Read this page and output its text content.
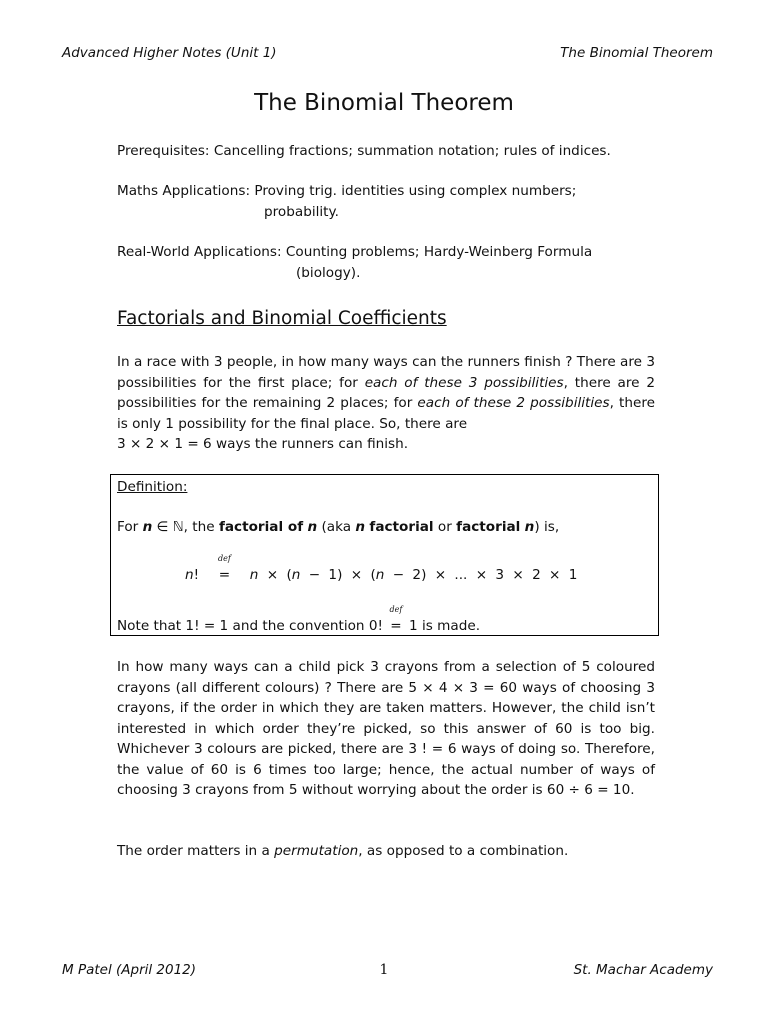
Advanced Higher Notes (Unit 1)	The Binomial Theorem
The Binomial Theorem
Prerequisites: Cancelling fractions; summation notation; rules of indices.
Maths Applications: Proving trig. identities using complex numbers;
probability.
Real-World Applications: Counting problems; Hardy-Weinberg Formula
(biology).
Factorials and Binomial Coefficients

In a race with 3 people, in how many ways can the runners finish ? There are 3 possibilities for the first place; for each of these 3 possibilities, there are 2 possibilities for the remaining 2 places; for each of these 2 possibilities, there is only 1 possibility for the final place. So, there are

3 × 2 × 1 = 6 ways the runners can finish.

Definition:
For n ∈ ℕ, the factorial of n (aka n factorial or factorial n) is,
n!
def
= n × (n − 1) × (n − 2) × ... × 3 × 2 × 1
Note that 1! = 1 and the convention 0!
def
= 1 is made.
In how many ways can a child pick 3 crayons from a selection of 5 coloured crayons (all different colours) ? There are 5 × 4 × 3 = 60 ways of choosing 3 crayons, if the order in which they are taken matters. However, the child isn’t interested in which order they’re picked, so this answer of 60 is too big. Whichever 3 colours are picked, there are 3 ! = 6 ways of doing so. Therefore, the value of 60 is 6 times too large; hence, the actual number of ways of choosing 3 crayons from 5 without worrying about the order is 60 ÷ 6 = 10.
The order matters in a permutation, as opposed to a combination.
M Patel (April 2012)	1	St. Machar Academy
